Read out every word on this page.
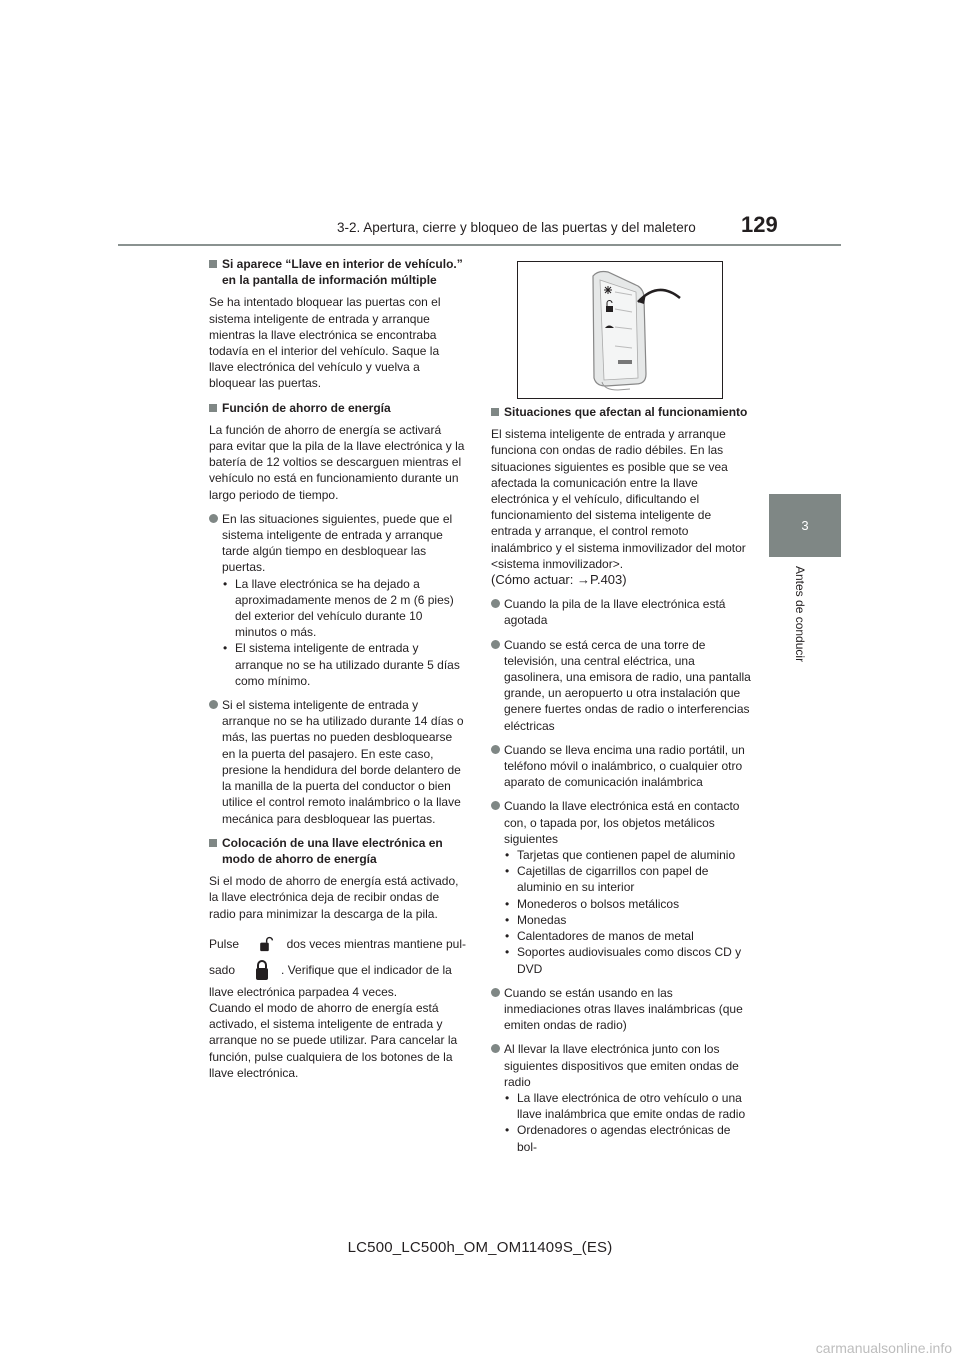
3-2. Apertura, cierre y bloqueo de las puertas y del maletero	129
3
Antes de conducir
Si aparece “Llave en interior de vehículo.” en la pantalla de información múltiple
Se ha intentado bloquear las puertas con el sistema inteligente de entrada y arranque mientras la llave electrónica se encontraba todavía en el interior del vehículo. Saque la llave electrónica del vehículo y vuelva a bloquear las puertas.
Función de ahorro de energía
La función de ahorro de energía se activará para evitar que la pila de la llave electrónica y la batería de 12 voltios se descarguen mientras el vehículo no está en funcionamiento durante un largo periodo de tiempo.
En las situaciones siguientes, puede que el sistema inteligente de entrada y arranque tarde algún tiempo en desbloquear las puertas.
• La llave electrónica se ha dejado a aproximadamente menos de 2 m (6 pies) del exterior del vehículo durante 10 minutos o más.
• El sistema inteligente de entrada y arranque no se ha utilizado durante 5 días como mínimo.
Si el sistema inteligente de entrada y arranque no se ha utilizado durante 14 días o más, las puertas no pueden desbloquearse en la puerta del pasajero. En este caso, presione la hendidura del borde delantero de la manilla de la puerta del conductor o bien utilice el control remoto inalámbrico o la llave mecánica para desbloquear las puertas.
Colocación de una llave electrónica en modo de ahorro de energía
Si el modo de ahorro de energía está activado, la llave electrónica deja de recibir ondas de radio para minimizar la descarga de la pila.
Pulse	dos veces mientras mantiene pul-
sado	. Verifique que el indicador de la
llave electrónica parpadea 4 veces.
Cuando el modo de ahorro de energía está activado, el sistema inteligente de entrada y arranque no se puede utilizar. Para cancelar la función, pulse cualquiera de los botones de la llave electrónica.
Situaciones que afectan al funcionamiento
El sistema inteligente de entrada y arranque funciona con ondas de radio débiles. En las situaciones siguientes es posible que se vea afectada la comunicación entre la llave electrónica y el vehículo, dificultando el funcionamiento del sistema inteligente de entrada y arranque, el control remoto inalámbrico y el sistema inmovilizador del motor <sistema inmovilizador>.
(Cómo actuar: →P.403)
Cuando la pila de la llave electrónica está agotada
Cuando se está cerca de una torre de televisión, una central eléctrica, una gasolinera, una emisora de radio, una pantalla grande, un aeropuerto u otra instalación que genere fuertes ondas de radio o interferencias eléctricas
Cuando se lleva encima una radio portátil, un teléfono móvil o inalámbrico, o cualquier otro aparato de comunicación inalámbrica
Cuando la llave electrónica está en contacto con, o tapada por, los objetos metálicos siguientes
• Tarjetas que contienen papel de aluminio
• Cajetillas de cigarrillos con papel de aluminio en su interior
• Monederos o bolsos metálicos
• Monedas
• Calentadores de manos de metal
• Soportes audiovisuales como discos CD y DVD
Cuando se están usando en las inmediaciones otras llaves inalámbricas (que emiten ondas de radio)
Al llevar la llave electrónica junto con los siguientes dispositivos que emiten ondas de radio
• La llave electrónica de otro vehículo o una llave inalámbrica que emite ondas de radio
• Ordenadores o agendas electrónicas de bol-
LC500_LC500h_OM_OM11409S_(ES)
carmanualsonline.info
